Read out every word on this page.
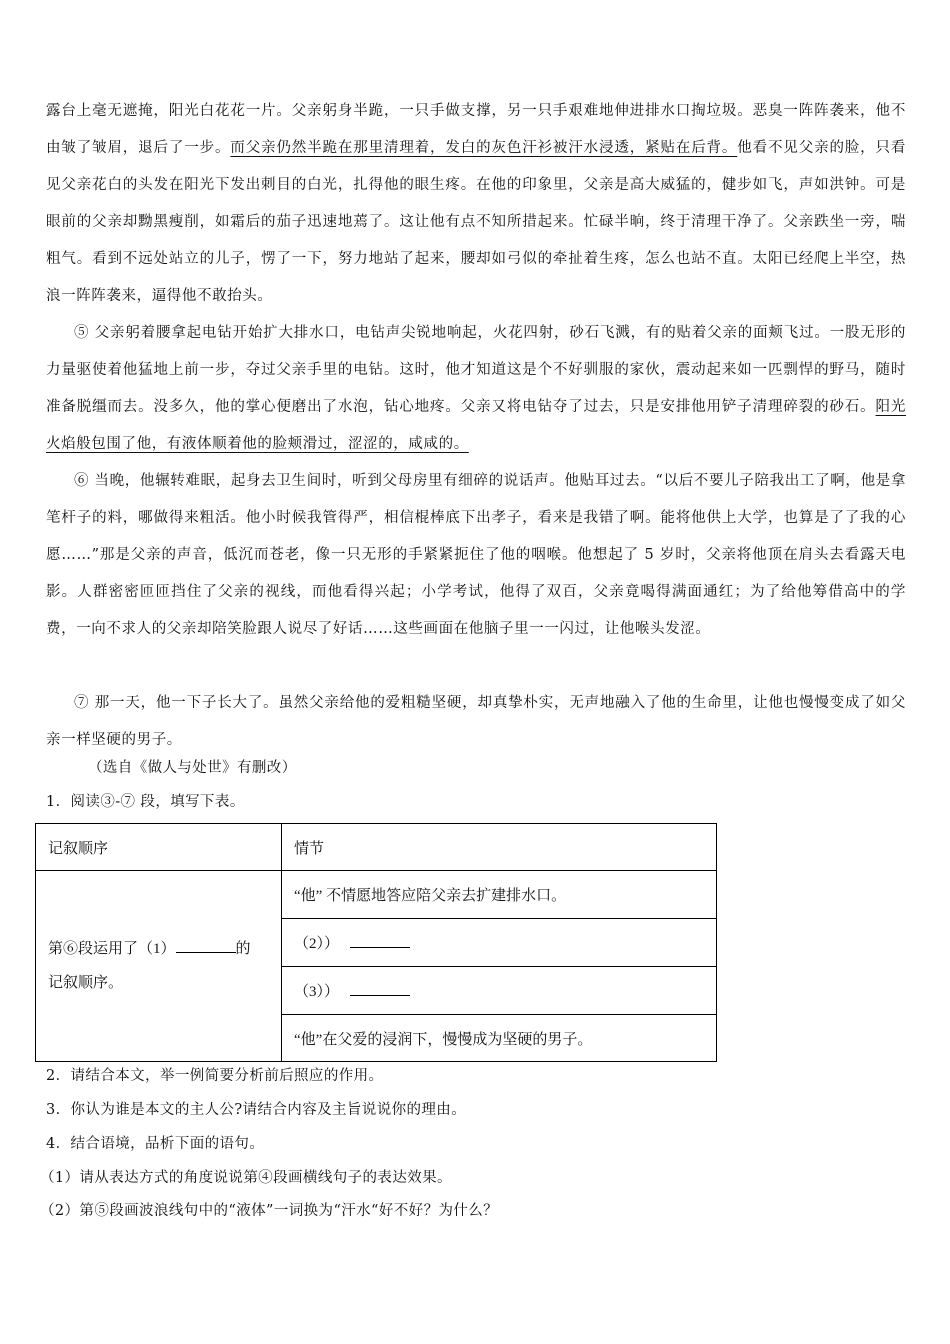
露台上毫无遮掩，阳光白花花一片。父亲躬身半跪，一只手做支撑，另一只手艰难地伸进排水口掏垃圾。恶臭一阵阵袭来，他不由皱了皱眉，退后了一步。而父亲仍然半跪在那里清理着，发白的灰色汗衫被汗水浸透，紧贴在后背。他看不见父亲的脸，只看见父亲花白的头发在阳光下发出刺目的白光，扎得他的眼生疼。在他的印象里，父亲是高大威猛的，健步如飞，声如洪钟。可是眼前的父亲却黝黑瘦削，如霜后的茄子迅速地蔫了。这让他有点不知所措起来。忙碌半晌，终于清理干净了。父亲跌坐一旁，喘粗气。看到不远处站立的儿子，愣了一下，努力地站了起来，腰却如弓似的牵扯着生疼，怎么也站不直。太阳已经爬上半空，热浪一阵阵袭来，逼得他不敢抬头。

⑤ 父亲躬着腰拿起电钻开始扩大排水口，电钻声尖锐地响起，火花四射，砂石飞溅，有的贴着父亲的面颊飞过。一股无形的力量驱使着他猛地上前一步，夺过父亲手里的电钻。这时，他才知道这是个不好驯服的家伙，震动起来如一匹剽悍的野马，随时准备脱缰而去。没多久，他的掌心便磨出了水泡，钻心地疼。父亲又将电钻夺了过去，只是安排他用铲子清理碎裂的砂石。阳光火焰般包围了他，有液体顺着他的脸颊滑过，涩涩的，咸咸的。

⑥ 当晚，他辗转难眠，起身去卫生间时，听到父母房里有细碎的说话声。他贴耳过去。“以后不要儿子陪我出工了啊，他是拿笔杆子的料，哪做得来粗活。他小时候我管得严，相信棍棒底下出孝子，看来是我错了啊。能将他供上大学，也算是了了我的心愿……”那是父亲的声音，低沉而苍老，像一只无形的手紧紧扼住了他的咽喉。他想起了 5 岁时，父亲将他顶在肩头去看露天电影。人群密密匝匝挡住了父亲的视线，而他看得兴起；小学考试，他得了双百，父亲竟喝得满面通红；为了给他筹借高中的学费，一向不求人的父亲却陪笑脸跟人说尽了好话……这些画面在他脑子里一一闪过，让他喉头发涩。

⑦ 那一天，他一下子长大了。虽然父亲给他的爱粗糙坚硬，却真挚朴实，无声地融入了他的生命里，让他也慢慢变成了如父亲一样坚硬的男子。

（选自《做人与处世》有删改）

1．阅读③-⑦ 段，填写下表。

记叙顺序	情节
第⑥段运用了（1） 的
记叙顺序。	“他” 不情愿地答应陪父亲去扩建排水口。
	（2））
	（3））
	“他”在父爱的浸润下，慢慢成为坚硬的男子。

2．请结合本文，举一例简要分析前后照应的作用。

3．你认为谁是本文的主人公?请结合内容及主旨说说你的理由。

4．结合语境，品析下面的语句。

（1）请从表达方式的角度说说第④段画横线句子的表达效果。

（2）第⑤段画波浪线句中的“液体”一词换为“汗水“好不好？为什么？
